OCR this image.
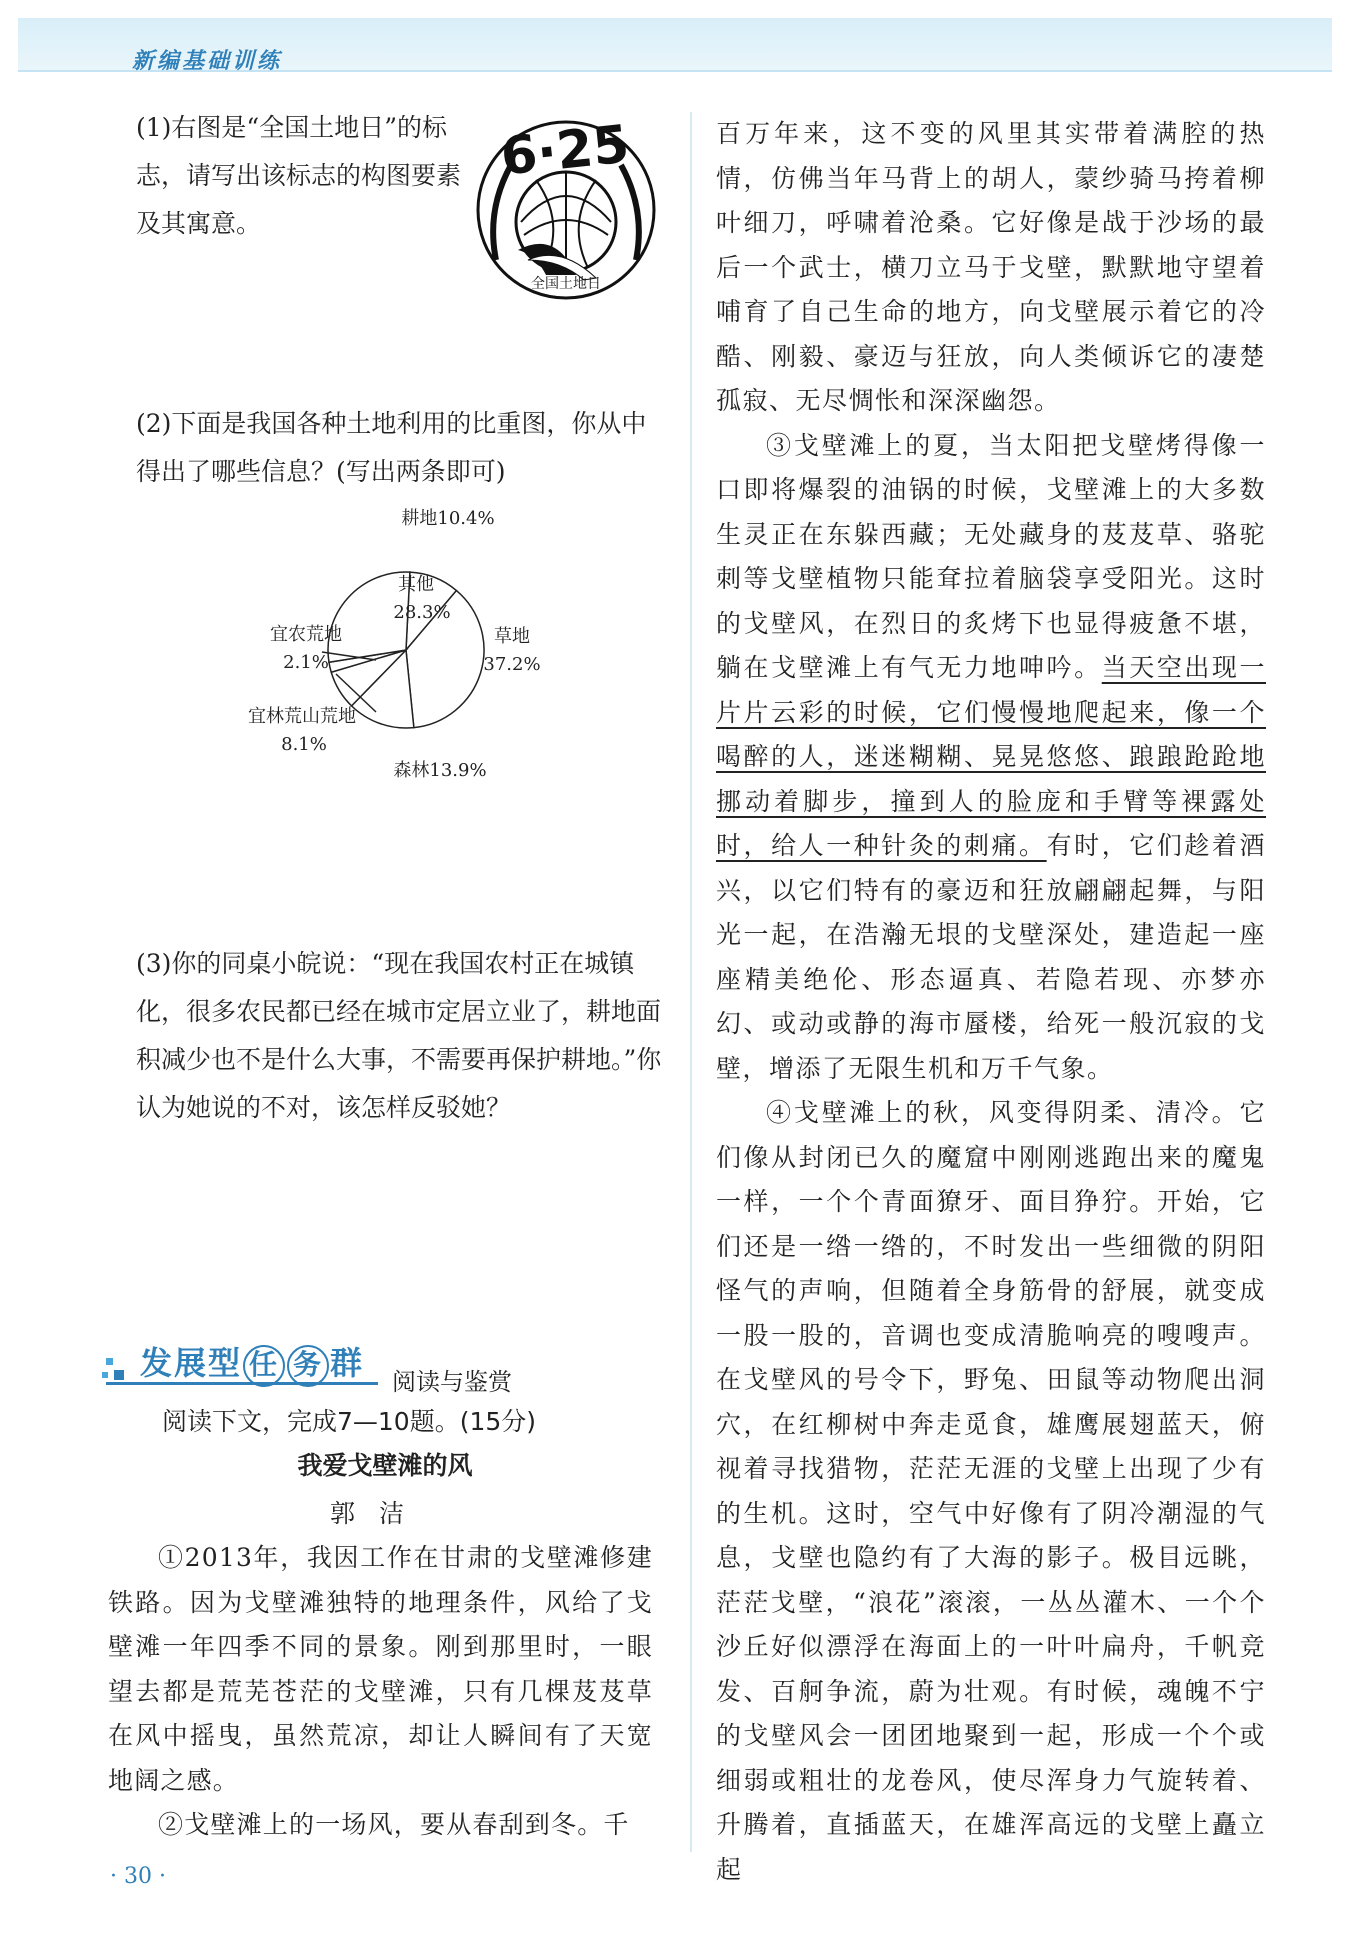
新编基础训练

(1)右图是“全国土地日”的标志，请写出该标志的构图要素及其寓意。

6·25
全国土地日

(2)下面是我国各种土地利用的比重图，你从中得出了哪些信息？(写出两条即可)

耕地10.4%
草地
37.2%
森林13.9%
宜林荒山荒地
8.1%
宜农荒地
2.1%
其他
28.3%

(3)你的同桌小皖说：“现在我国农村正在城镇化，很多农民都已经在城市定居立业了，耕地面积减少也不是什么大事，不需要再保护耕地。”你认为她说的不对，该怎样反驳她？

发展型 任 务 群 阅读与鉴赏

阅读下文，完成7—10题。(15分)

我爱戈壁滩的风

郭洁

①2013年，我因工作在甘肃的戈壁滩修建铁路。因为戈壁滩独特的地理条件，风给了戈壁滩一年四季不同的景象。刚到那里时，一眼望去都是荒芜苍茫的戈壁滩，只有几棵芨芨草在风中摇曳，虽然荒凉，却让人瞬间有了天宽地阔之感。

②戈壁滩上的一场风，要从春刮到冬。千

百万年来，这不变的风里其实带着满腔的热情，仿佛当年马背上的胡人，蒙纱骑马挎着柳叶细刀，呼啸着沧桑。它好像是战于沙场的最后一个武士，横刀立马于戈壁，默默地守望着哺育了自己生命的地方，向戈壁展示着它的冷酷、刚毅、豪迈与狂放，向人类倾诉它的凄楚孤寂、无尽惆怅和深深幽怨。

③戈壁滩上的夏，当太阳把戈壁烤得像一口即将爆裂的油锅的时候，戈壁滩上的大多数生灵正在东躲西藏；无处藏身的芨芨草、骆驼刺等戈壁植物只能耷拉着脑袋享受阳光。这时的戈壁风，在烈日的炙烤下也显得疲惫不堪，躺在戈壁滩上有气无力地呻吟。当天空出现一片片云彩的时候，它们慢慢地爬起来，像一个喝醉的人，迷迷糊糊、晃晃悠悠、踉踉跄跄地挪动着脚步，撞到人的脸庞和手臂等裸露处时，给人一种针灸的刺痛。有时，它们趁着酒兴，以它们特有的豪迈和狂放翩翩起舞，与阳光一起，在浩瀚无垠的戈壁深处，建造起一座座精美绝伦、形态逼真、若隐若现、亦梦亦幻、或动或静的海市蜃楼，给死一般沉寂的戈壁，增添了无限生机和万千气象。

④戈壁滩上的秋，风变得阴柔、清冷。它们像从封闭已久的魔窟中刚刚逃跑出来的魔鬼一样，一个个青面獠牙、面目狰狞。开始，它们还是一绺一绺的，不时发出一些细微的阴阳怪气的声响，但随着全身筋骨的舒展，就变成一股一股的，音调也变成清脆响亮的嗖嗖声。在戈壁风的号令下，野兔、田鼠等动物爬出洞穴，在红柳树中奔走觅食，雄鹰展翅蓝天，俯视着寻找猎物，茫茫无涯的戈壁上出现了少有的生机。这时，空气中好像有了阴冷潮湿的气息，戈壁也隐约有了大海的影子。极目远眺，茫茫戈壁，“浪花”滚滚，一丛丛灌木、一个个沙丘好似漂浮在海面上的一叶叶扁舟，千帆竞发、百舸争流，蔚为壮观。有时候，魂魄不宁的戈壁风会一团团地聚到一起，形成一个个或细弱或粗壮的龙卷风，使尽浑身力气旋转着、升腾着，直插蓝天，在雄浑高远的戈壁上矗立起

· 30 ·
